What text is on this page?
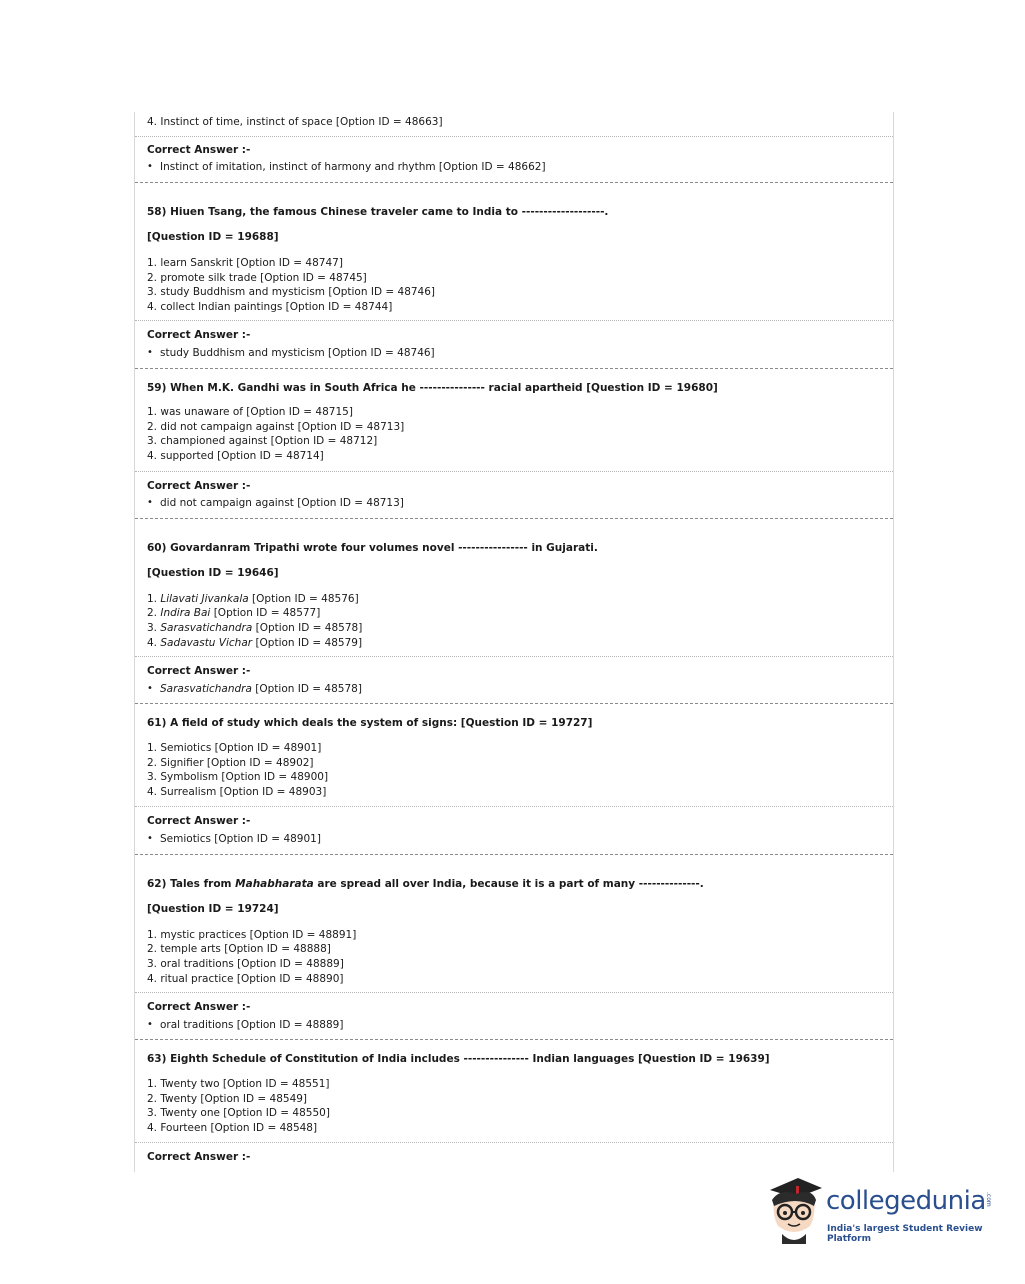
4. Instinct of time, instinct of space [Option ID = 48663]
Correct Answer :-
• Instinct of imitation, instinct of harmony and rhythm [Option ID = 48662]
58) Hiuen Tsang, the famous Chinese traveler came to India to -------------------.
[Question ID = 19688]
1. learn Sanskrit [Option ID = 48747]
2. promote silk trade [Option ID = 48745]
3. study Buddhism and mysticism [Option ID = 48746]
4. collect Indian paintings [Option ID = 48744]
Correct Answer :-
• study Buddhism and mysticism [Option ID = 48746]
59) When M.K. Gandhi was in South Africa he --------------- racial apartheid [Question ID = 19680]
1. was unaware of [Option ID = 48715]
2. did not campaign against [Option ID = 48713]
3. championed against [Option ID = 48712]
4. supported [Option ID = 48714]
Correct Answer :-
• did not campaign against [Option ID = 48713]
60) Govardanram Tripathi wrote four volumes novel ---------------- in Gujarati.
[Question ID = 19646]
1. Lilavati Jivankala [Option ID = 48576]
2. Indira Bai [Option ID = 48577]
3. Sarasvatichandra [Option ID = 48578]
4. Sadavastu Vichar [Option ID = 48579]
Correct Answer :-
• Sarasvatichandra
[Option ID = 48578]
61) A field of study which deals the system of signs: [Question ID = 19727]
1. Semiotics [Option ID = 48901]
2. Signifier [Option ID = 48902]
3. Symbolism [Option ID = 48900]
4. Surrealism [Option ID = 48903]
Correct Answer :-
• Semiotics [Option ID = 48901]
62) Tales from Mahabharata are spread all over India, because it is a part of many --------------.
[Question ID = 19724]
1. mystic practices [Option ID = 48891]
2. temple arts [Option ID = 48888]
3. oral traditions [Option ID = 48889]
4. ritual practice [Option ID = 48890]
Correct Answer :-
• oral traditions [Option ID = 48889]
63) Eighth Schedule of Constitution of India includes --------------- Indian languages [Question ID = 19639]
1. Twenty two [Option ID = 48551]
2. Twenty [Option ID = 48549]
3. Twenty one [Option ID = 48550]
4. Fourteen [Option ID = 48548]
Correct Answer :-
collegedunia .com
India's largest Student Review Platform
